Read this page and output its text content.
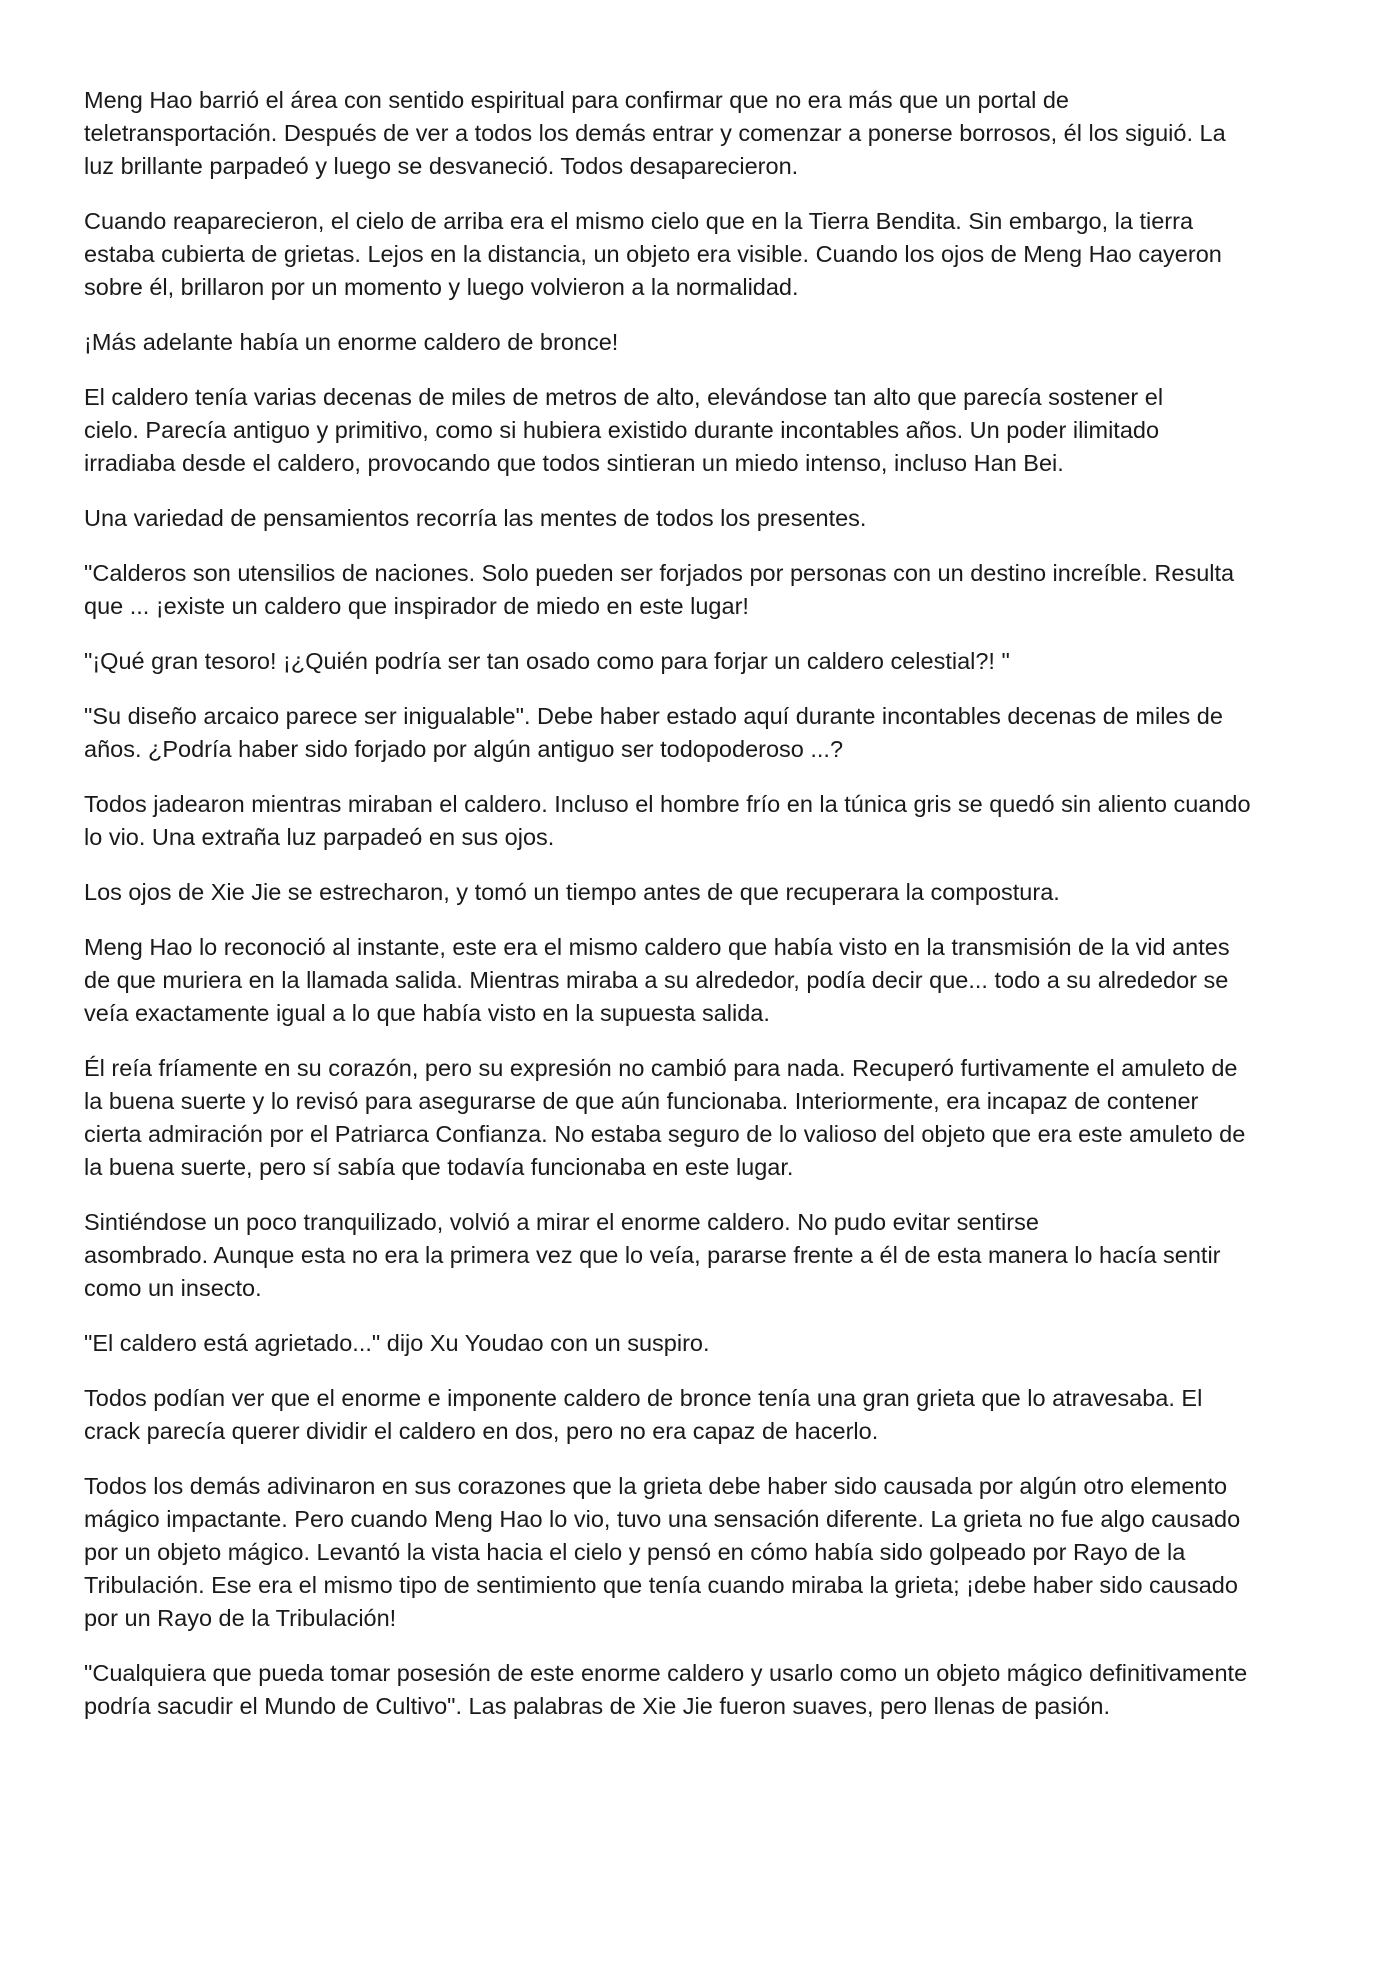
Meng Hao barrió el área con sentido espiritual para confirmar que no era más que un portal de
teletransportación. Después de ver a todos los demás entrar y comenzar a ponerse borrosos, él los siguió. La
luz brillante parpadeó y luego se desvaneció. Todos desaparecieron.

Cuando reaparecieron, el cielo de arriba era el mismo cielo que en la Tierra Bendita. Sin embargo, la tierra
estaba cubierta de grietas. Lejos en la distancia, un objeto era visible. Cuando los ojos de Meng Hao cayeron
sobre él, brillaron por un momento y luego volvieron a la normalidad.

¡Más adelante había un enorme caldero de bronce!

El caldero tenía varias decenas de miles de metros de alto, elevándose tan alto que parecía sostener el
cielo. Parecía antiguo y primitivo, como si hubiera existido durante incontables años. Un poder ilimitado
irradiaba desde el caldero, provocando que todos sintieran un miedo intenso, incluso Han Bei.

Una variedad de pensamientos recorría las mentes de todos los presentes.

"Calderos son utensilios de naciones. Solo pueden ser forjados por personas con un destino increíble. Resulta
que ... ¡existe un caldero que inspirador de miedo en este lugar!

"¡Qué gran tesoro! ¡¿Quién podría ser tan osado como para forjar un caldero celestial?! "

"Su diseño arcaico parece ser inigualable". Debe haber estado aquí durante incontables decenas de miles de
años. ¿Podría haber sido forjado por algún antiguo ser todopoderoso ...?

Todos jadearon mientras miraban el caldero. Incluso el hombre frío en la túnica gris se quedó sin aliento cuando
lo vio. Una extraña luz parpadeó en sus ojos.

Los ojos de Xie Jie se estrecharon, y tomó un tiempo antes de que recuperara la compostura.

Meng Hao lo reconoció al instante, este era el mismo caldero que había visto en la transmisión de la vid antes
de que muriera en la llamada salida. Mientras miraba a su alrededor, podía decir que... todo a su alrededor se
veía exactamente igual a lo que había visto en la supuesta salida.

Él reía fríamente en su corazón, pero su expresión no cambió para nada. Recuperó furtivamente el amuleto de
la buena suerte y lo revisó para asegurarse de que aún funcionaba. Interiormente, era incapaz de contener
cierta admiración por el Patriarca Confianza. No estaba seguro de lo valioso del objeto que era este amuleto de
la buena suerte, pero sí sabía que todavía funcionaba en este lugar.

Sintiéndose un poco tranquilizado, volvió a mirar el enorme caldero. No pudo evitar sentirse
asombrado. Aunque esta no era la primera vez que lo veía, pararse frente a él de esta manera lo hacía sentir
como un insecto.

"El caldero está agrietado..." dijo Xu Youdao con un suspiro.

Todos podían ver que el enorme e imponente caldero de bronce tenía una gran grieta que lo atravesaba. El
crack parecía querer dividir el caldero en dos, pero no era capaz de hacerlo.

Todos los demás adivinaron en sus corazones que la grieta debe haber sido causada por algún otro elemento
mágico impactante. Pero cuando Meng Hao lo vio, tuvo una sensación diferente. La grieta no fue algo causado
por un objeto mágico. Levantó la vista hacia el cielo y pensó en cómo había sido golpeado por Rayo de la
Tribulación. Ese era el mismo tipo de sentimiento que tenía cuando miraba la grieta; ¡debe haber sido causado
por un Rayo de la Tribulación!

"Cualquiera que pueda tomar posesión de este enorme caldero y usarlo como un objeto mágico definitivamente
podría sacudir el Mundo de Cultivo". Las palabras de Xie Jie fueron suaves, pero llenas de pasión.
